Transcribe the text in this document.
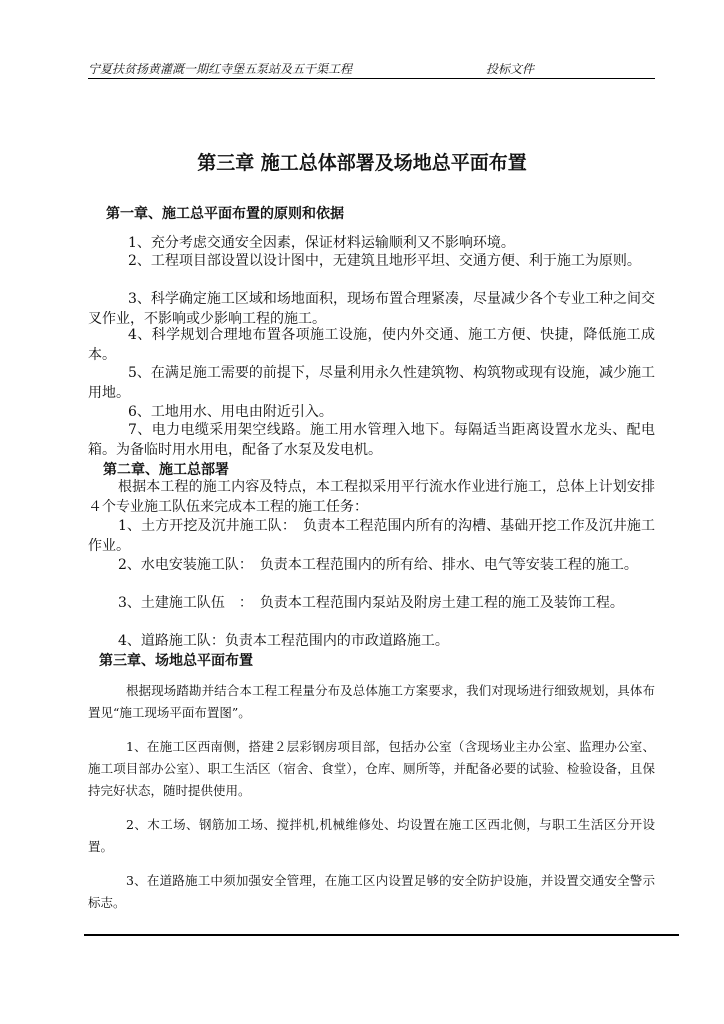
宁夏扶贫扬黄灌溉一期红寺堡五泵站及五干渠工程	投标文件
第三章 施工总体部署及场地总平面布置
第一章、施工总平面布置的原则和依据

1、充分考虑交通安全因素，保证材料运输顺利又不影响环境。

2、工程项目部设置以设计图中，无建筑且地形平坦、交通方便、利于施工为原则。

3、科学确定施工区域和场地面积，现场布置合理紧凑，尽量减少各个专业工种之间交叉作业，不影响或少影响工程的施工。

4、科学规划合理地布置各项施工设施，使内外交通、施工方便、快捷，降低施工成本。

5、在满足施工需要的前提下，尽量利用永久性建筑物、构筑物或现有设施，减少施工用地。

6、工地用水、用电由附近引入。

7、电力电缆采用架空线路。施工用水管理入地下。每隔适当距离设置水龙头、配电箱。为备临时用水用电，配备了水泵及发电机。

第二章、施工总部署

根据本工程的施工内容及特点，本工程拟采用平行流水作业进行施工，总体上计划安排４个专业施工队伍来完成本工程的施工任务：

1、土方开挖及沉井施工队：　负责本工程范围内所有的沟槽、基础开挖工作及沉井施工作业。

2、水电安装施工队：　负责本工程范围内的所有给、排水、电气等安装工程的施工。

3、土建施工队伍　：　负责本工程范围内泵站及附房土建工程的施工及装饰工程。

4、道路施工队：负责本工程范围内的市政道路施工。

第三章、场地总平面布置

根据现场踏勘并结合本工程工程量分布及总体施工方案要求，我们对现场进行细致规划，具体布置见“施工现场平面布置图”。

1、在施工区西南侧，搭建２层彩钢房项目部，包括办公室（含现场业主办公室、监理办公室、施工项目部办公室）、职工生活区（宿舍、食堂），仓库、厕所等，并配备必要的试验、检验设备，且保持完好状态，随时提供使用。

2、木工场、钢筋加工场、搅拌机,机械维修处、均设置在施工区西北侧，与职工生活区分开设置。

3、在道路施工中须加强安全管理，在施工区内设置足够的安全防护设施，并设置交通安全警示标志。
